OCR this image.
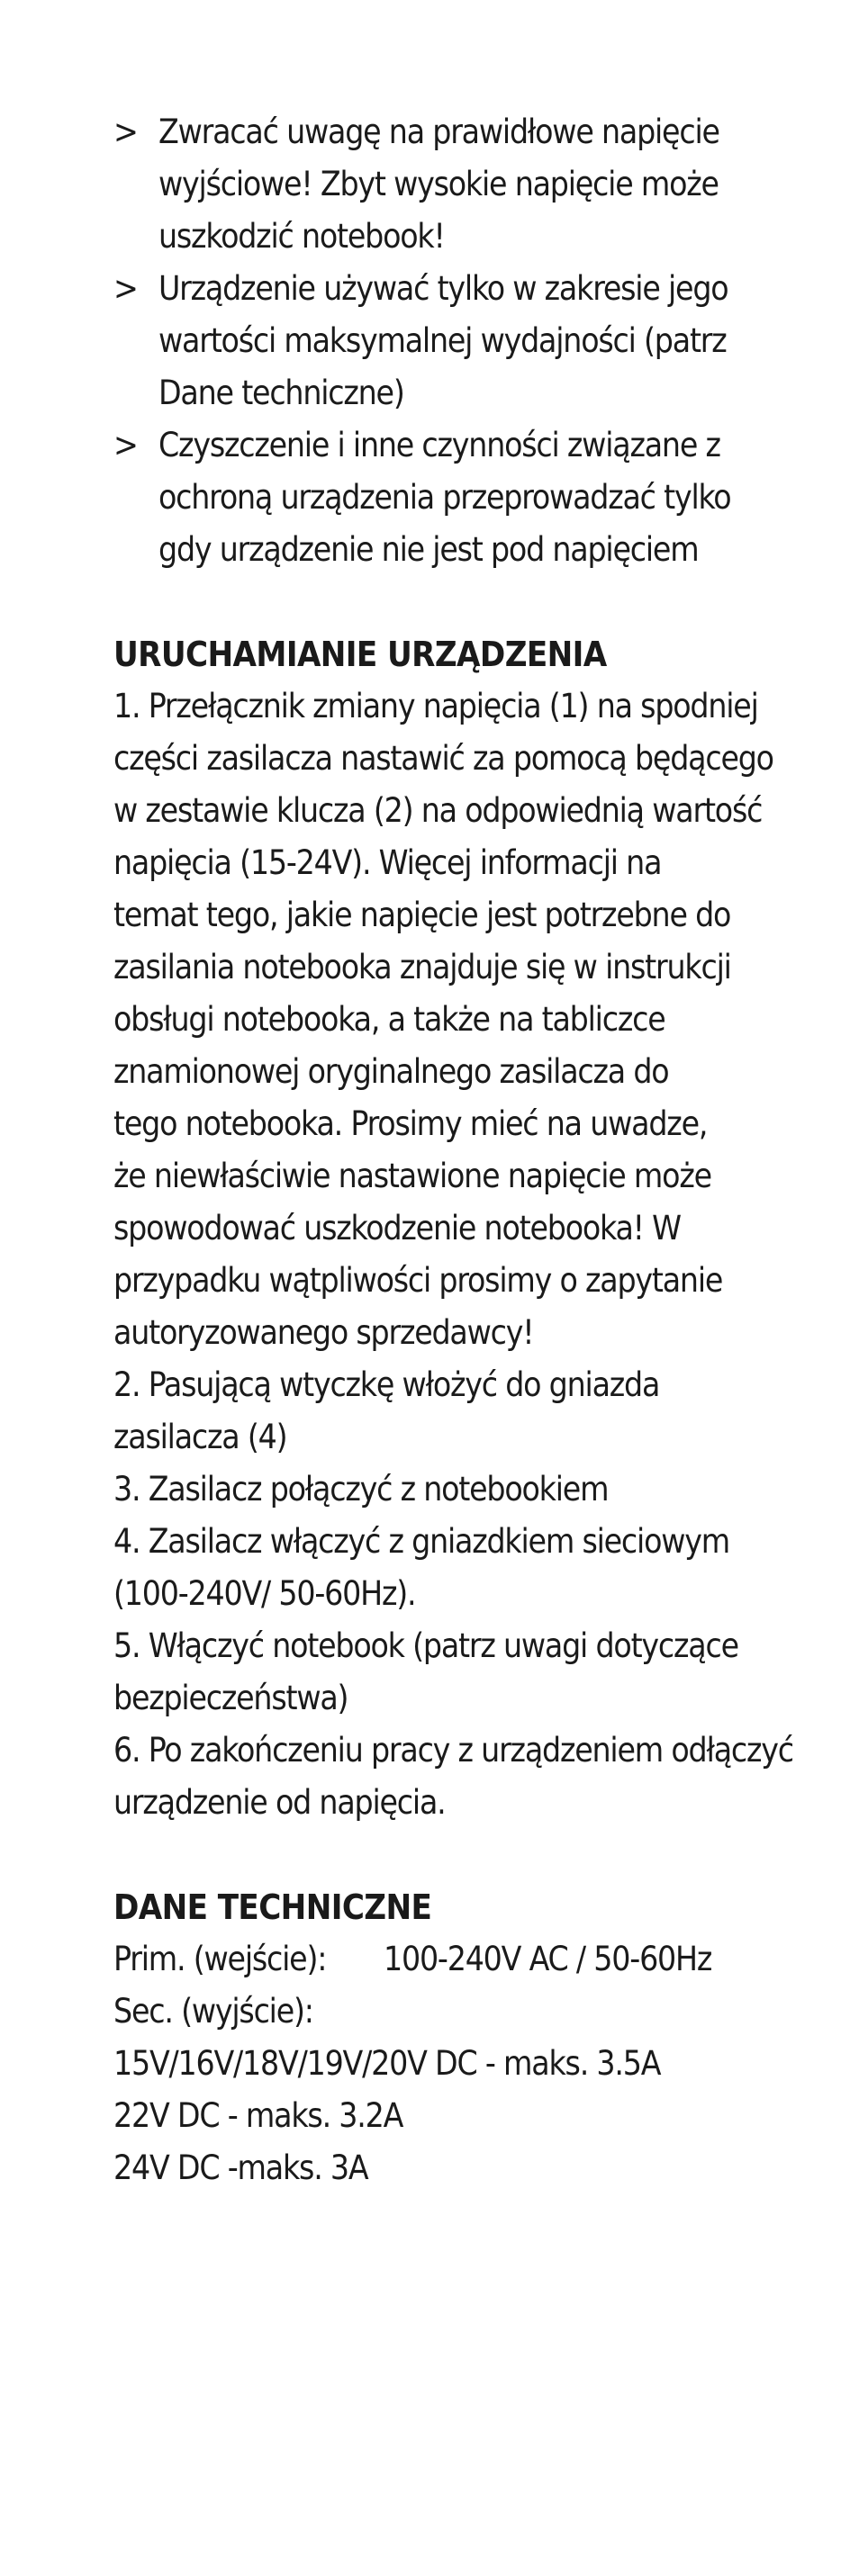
> Zwracać uwagę na prawidłowe napięcie
wyjściowe! Zbyt wysokie napięcie może
uszkodzić notebook!
> Urządzenie używać tylko w zakresie jego
wartości maksymalnej wydajności (patrz
Dane techniczne)
> Czyszczenie i inne czynności związane z
ochroną urządzenia przeprowadzać tylko
gdy urządzenie nie jest pod napięciem
URUCHAMIANIE URZĄDZENIA
1. Przełącznik zmiany napięcia (1) na spodniej
części zasilacza nastawić za pomocą będącego
w zestawie klucza (2) na odpowiednią wartość
napięcia (15-24V). Więcej informacji na
temat tego, jakie napięcie jest potrzebne do
zasilania notebooka znajduje się w instrukcji
obsługi notebooka, a także na tabliczce
znamionowej oryginalnego zasilacza do
tego notebooka. Prosimy mieć na uwadze,
że niewłaściwie nastawione napięcie może
spowodować uszkodzenie notebooka! W
przypadku wątpliwości prosimy o zapytanie
autoryzowanego sprzedawcy!
2. Pasującą wtyczkę włożyć do gniazda
zasilacza (4)
3. Zasilacz połączyć z notebookiem
4. Zasilacz włączyć z gniazdkiem sieciowym
(100-240V/ 50-60Hz).
5. Włączyć notebook (patrz uwagi dotyczące
bezpieczeństwa)
6. Po zakończeniu pracy z urządzeniem odłączyć
urządzenie od napięcia.
DANE TECHNICZNE
Prim. (wejście):	100-240V AC / 50-60Hz
Sec. (wyjście):
15V/16V/18V/19V/20V DC - maks. 3.5A
22V DC - maks. 3.2A
24V DC -maks. 3A
